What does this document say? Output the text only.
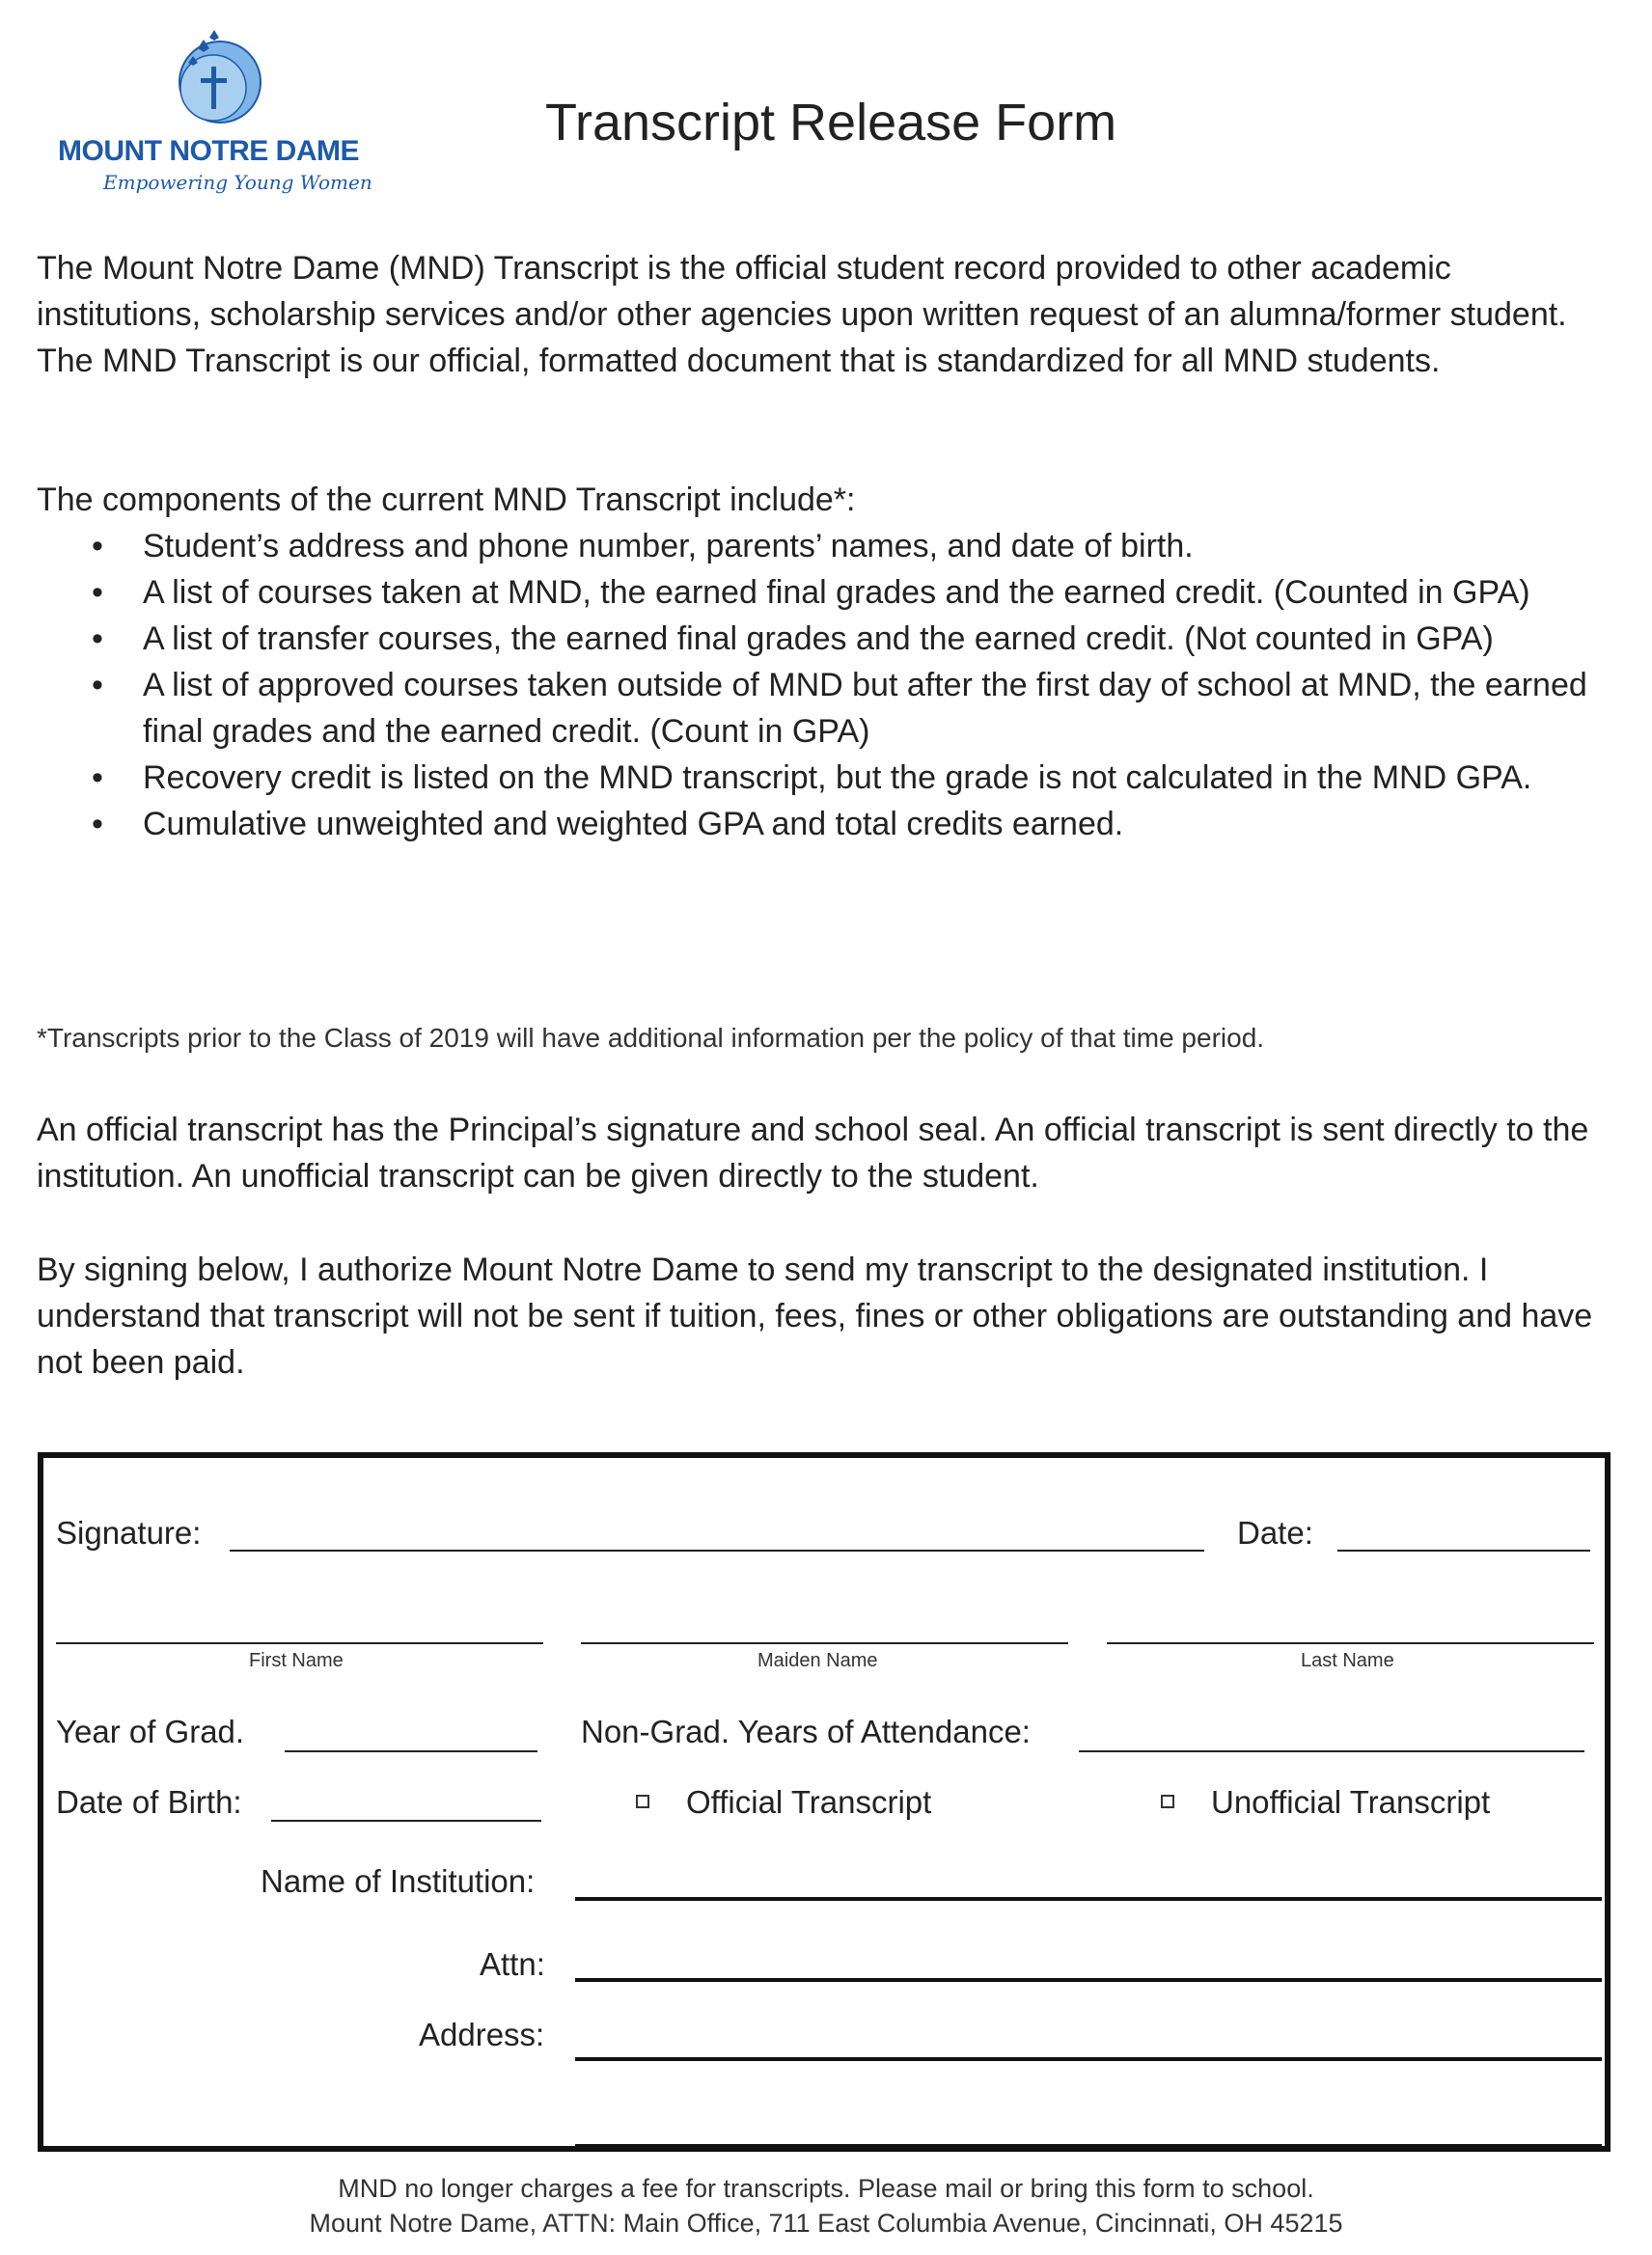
MOUNT NOTRE DAME
Empowering Young Women
Transcript Release Form

The Mount Notre Dame (MND) Transcript is the official student record provided to other academic institutions, scholarship services and/or other agencies upon written request of an alumna/former student. The MND Transcript is our official, formatted document that is standardized for all MND students.

The components of the current MND Transcript include*:

• Student’s address and phone number, parents’ names, and date of birth.
• A list of courses taken at MND, the earned final grades and the earned credit. (Counted in GPA)
• A list of transfer courses, the earned final grades and the earned credit. (Not counted in GPA)
• A list of approved courses taken outside of MND but after the first day of school at MND, the earned final grades and the earned credit. (Count in GPA)
• Recovery credit is listed on the MND transcript, but the grade is not calculated in the MND GPA.
• Cumulative unweighted and weighted GPA and total credits earned.
*Transcripts prior to the Class of 2019 will have additional information per the policy of that time period.

An official transcript has the Principal’s signature and school seal. An official transcript is sent directly to the institution. An unofficial transcript can be given directly to the student.

By signing below, I authorize Mount Notre Dame to send my transcript to the designated institution. I understand that transcript will not be sent if tuition, fees, fines or other obligations are outstanding and have not been paid.

Signature:	Date:
First Name	Maiden Name	Last Name
Year of Grad.	Non-Grad. Years of Attendance:
Date of Birth:	Official Transcript	Unofficial Transcript
Name of Institution:
Attn:
Address:
MND no longer charges a fee for transcripts. Please mail or bring this form to school.
Mount Notre Dame, ATTN: Main Office, 711 East Columbia Avenue, Cincinnati, OH 45215
